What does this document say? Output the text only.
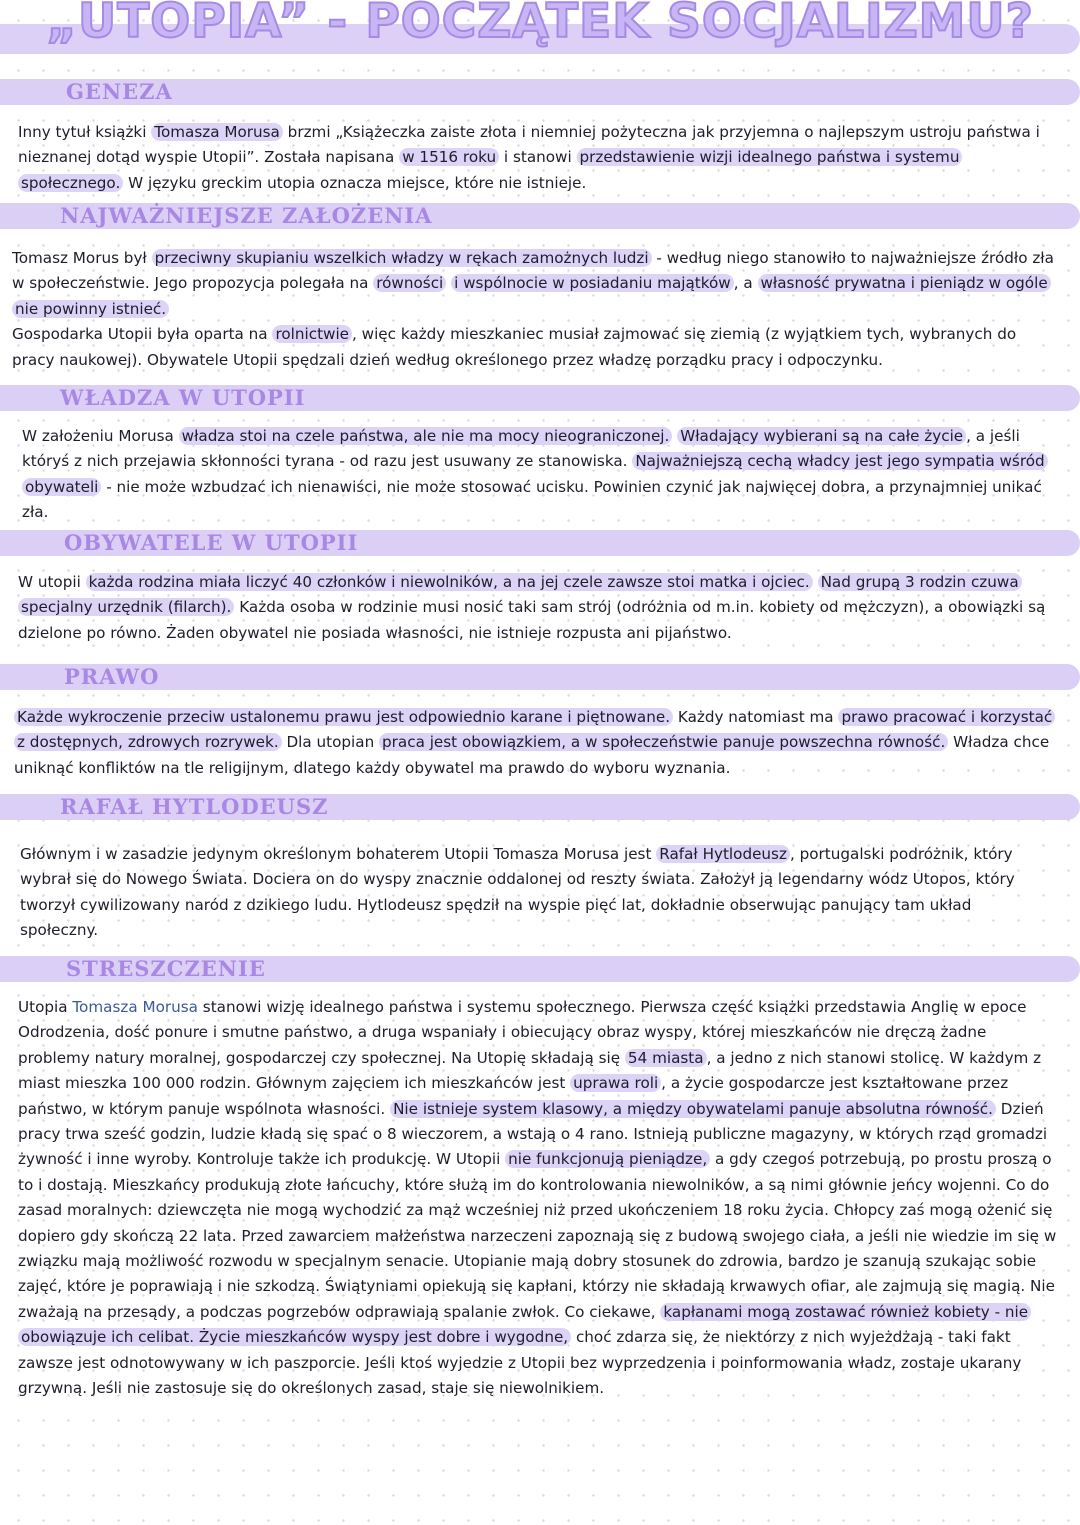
„UTOPIA” - POCZĄTEK SOCJALIZMU?
GENEZA
Inny tytuł książki Tomasza Morusa brzmi „Książeczka zaiste złota i niemniej pożyteczna jak przyjemna o najlepszym ustroju państwa i nieznanej dotąd wyspie Utopii”. Została napisana w 1516 roku i stanowi przedstawienie wizji idealnego państwa i systemu społecznego. W języku greckim utopia oznacza miejsce, które nie istnieje.
NAJWAŻNIEJSZE ZAŁOŻENIA

Tomasz Morus był przeciwny skupianiu wszelkich władzy w rękach zamożnych ludzi - według niego stanowiło to najważniejsze źródło zła w społeczeństwie. Jego propozycja polegała na równości i wspólnocie w posiadaniu majątków , a własność prywatna i pieniądz w ogóle nie powinny istnieć.

Gospodarka Utopii była oparta na rolnictwie , więc każdy mieszkaniec musiał zajmować się ziemią (z wyjątkiem tych, wybranych do pracy naukowej). Obywatele Utopii spędzali dzień według określonego przez władzę porządku pracy i odpoczynku.

WŁADZA W UTOPII
W założeniu Morusa władza stoi na czele państwa, ale nie ma mocy nieograniczonej. Władający wybierani są na całe życie , a jeśli któryś z nich przejawia skłonności tyrana - od razu jest usuwany ze stanowiska. Najważniejszą cechą władcy jest jego sympatia wśród obywateli - nie może wzbudzać ich nienawiści, nie może stosować ucisku. Powinien czynić jak najwięcej dobra, a przynajmniej unikać zła.
OBYWATELE W UTOPII
W utopii każda rodzina miała liczyć 40 członków i niewolników, a na jej czele zawsze stoi matka i ojciec. Nad grupą 3 rodzin czuwa specjalny urzędnik (filarch). Każda osoba w rodzinie musi nosić taki sam strój (odróżnia od m.in. kobiety od mężczyzn), a obowiązki są dzielone po równo. Żaden obywatel nie posiada własności, nie istnieje rozpusta ani pijaństwo.
PRAWO
Każde wykroczenie przeciw ustalonemu prawu jest odpowiednio karane i piętnowane. Każdy natomiast ma prawo pracować i korzystać z dostępnych, zdrowych rozrywek. Dla utopian praca jest obowiązkiem, a w społeczeństwie panuje powszechna równość. Władza chce uniknąć konfliktów na tle religijnym, dlatego każdy obywatel ma prawdo do wyboru wyznania.
RAFAŁ HYTLODEUSZ
Głównym i w zasadzie jedynym określonym bohaterem Utopii Tomasza Morusa jest Rafał Hytlodeusz , portugalski podróżnik, który wybrał się do Nowego Świata. Dociera on do wyspy znacznie oddalonej od reszty świata. Założył ją legendarny wódz Utopos, który tworzył cywilizowany naród z dzikiego ludu. Hytlodeusz spędził na wyspie pięć lat, dokładnie obserwując panujący tam układ społeczny.
STRESZCZENIE
Utopia Tomasza Morusa stanowi wizję idealnego państwa i systemu społecznego. Pierwsza część książki przedstawia Anglię w epoce Odrodzenia, dość ponure i smutne państwo, a druga wspaniały i obiecujący obraz wyspy, której mieszkańców nie dręczą żadne problemy natury moralnej, gospodarczej czy społecznej. Na Utopię składają się 54 miasta , a jedno z nich stanowi stolicę. W każdym z miast mieszka 100 000 rodzin. Głównym zajęciem ich mieszkańców jest uprawa roli , a życie gospodarcze jest kształtowane przez państwo, w którym panuje wspólnota własności. Nie istnieje system klasowy, a między obywatelami panuje absolutna równość. Dzień pracy trwa sześć godzin, ludzie kładą się spać o 8 wieczorem, a wstają o 4 rano. Istnieją publiczne magazyny, w których rząd gromadzi żywność i inne wyroby. Kontroluje także ich produkcję. W Utopii nie funkcjonują pieniądze, a gdy czegoś potrzebują, po prostu proszą o to i dostają. Mieszkańcy produkują złote łańcuchy, które służą im do kontrolowania niewolników, a są nimi głównie jeńcy wojenni. Co do zasad moralnych: dziewczęta nie mogą wychodzić za mąż wcześniej niż przed ukończeniem 18 roku życia. Chłopcy zaś mogą ożenić się dopiero gdy skończą 22 lata. Przed zawarciem małżeństwa narzeczeni zapoznają się z budową swojego ciała, a jeśli nie wiedzie im się w związku mają możliwość rozwodu w specjalnym senacie. Utopianie mają dobry stosunek do zdrowia, bardzo je szanują szukając sobie zajęć, które je poprawiają i nie szkodzą. Świątyniami opiekują się kapłani, którzy nie składają krwawych ofiar, ale zajmują się magią. Nie zważają na przesądy, a podczas pogrzebów odprawiają spalanie zwłok. Co ciekawe, kapłanami mogą zostawać również kobiety - nie obowiązuje ich celibat. Życie mieszkańców wyspy jest dobre i wygodne, choć zdarza się, że niektórzy z nich wyjeżdżają - taki fakt zawsze jest odnotowywany w ich paszporcie. Jeśli ktoś wyjedzie z Utopii bez wyprzedzenia i poinformowania władz, zostaje ukarany grzywną. Jeśli nie zastosuje się do określonych zasad, staje się niewolnikiem.
